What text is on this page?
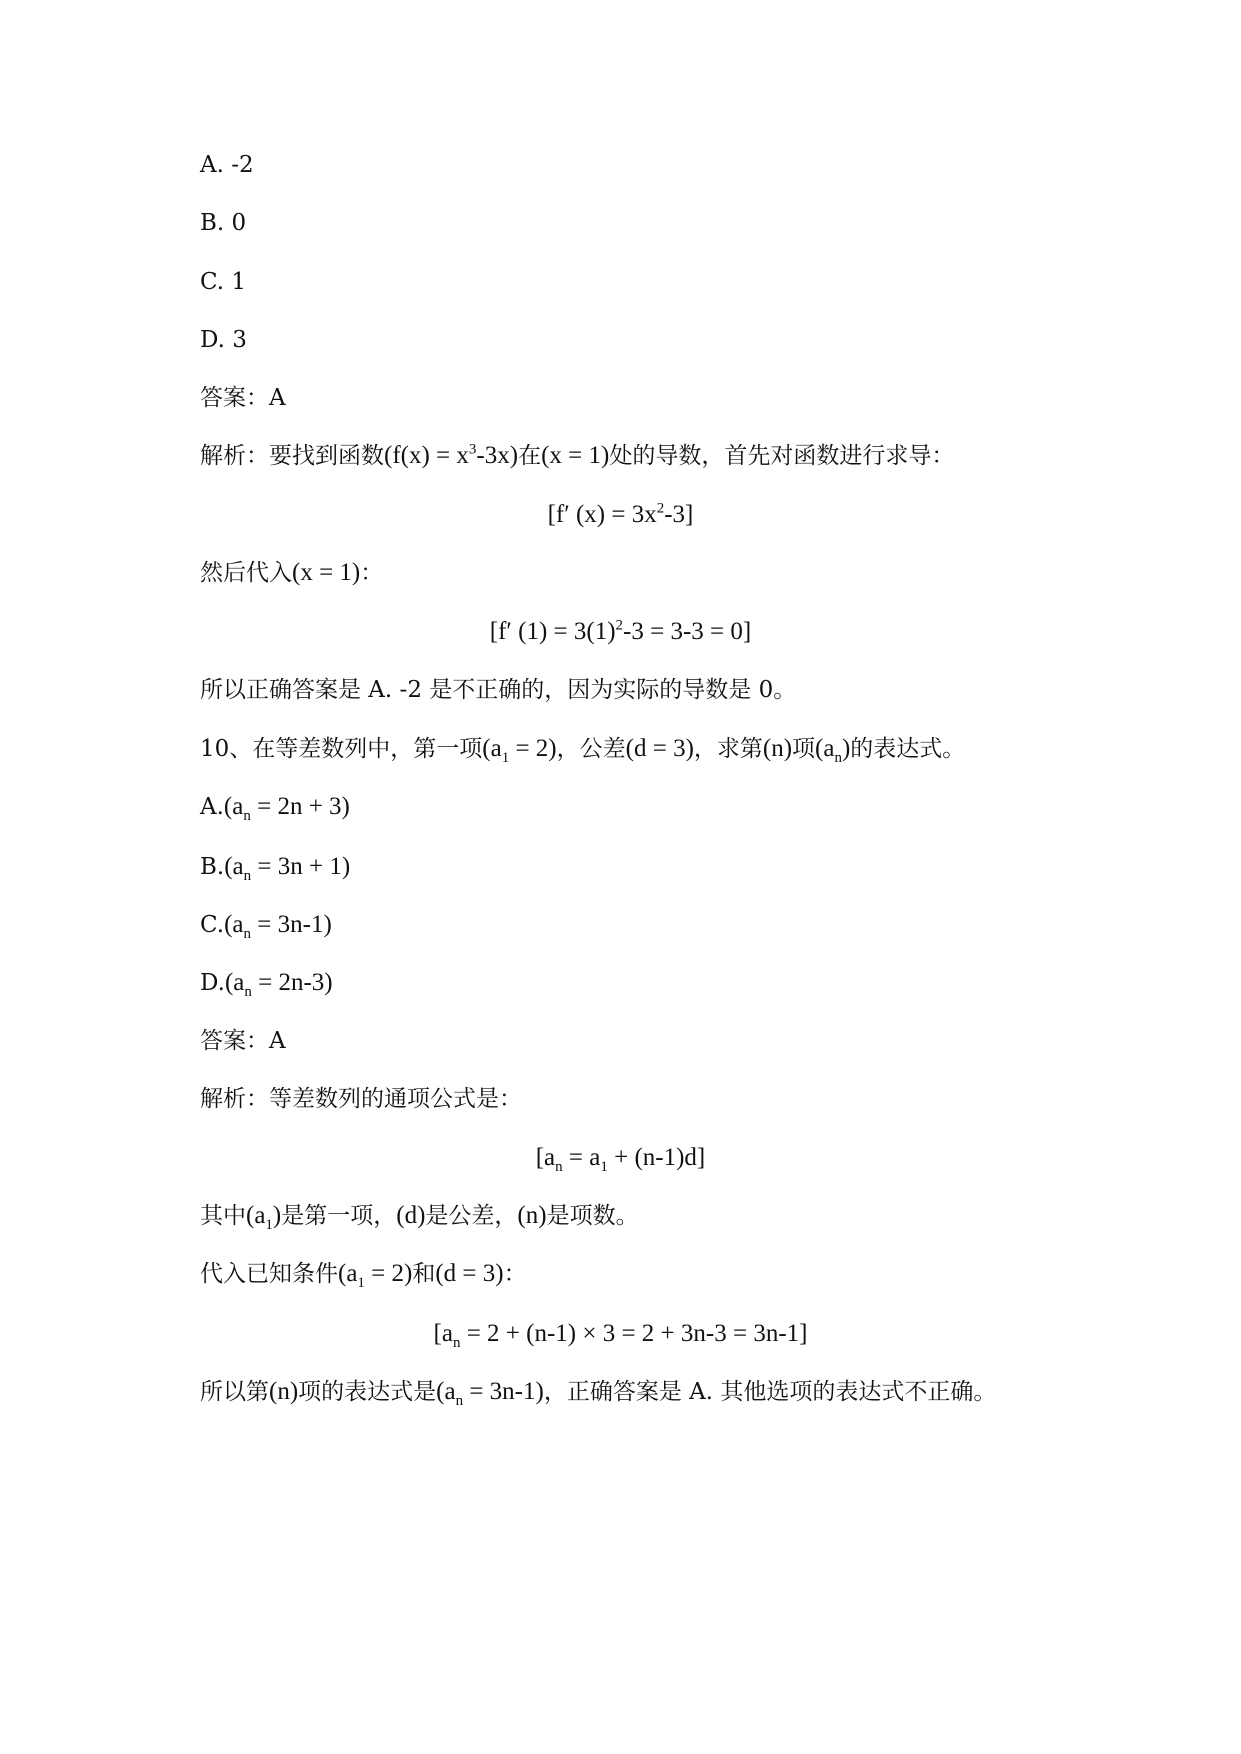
A. -2
B. 0
C. 1
D. 3
答案：A
解析：要找到函数$(f(x) = x^3-3x)$在(x = 1)处的导数，首先对函数进行求导：
[f′ $(x) = 3x^2-3$]
然后代入(x = 1)：
[f′ $(1) = 3(1)^2-3 = 3-3 = 0$]
所以正确答案是 A. -2 是不正确的，因为实际的导数是 0。
10、在等差数列中，第一项$(a_1 = 2)$，公差(d = 3)，求第(n)项$(a_n)$的表达式。
$A.(a_n = 2n + 3)$
$B.(a_n = 3n + 1)$
$C.(a_n = 3n-1)$
$D.(a_n = 2n-3)$
答案：A
解析：等差数列的通项公式是：
$[a_n = a_1 + (n-1)d]$
其中$(a_1)$是第一项，(d)是公差，(n)是项数。
代入已知条件$(a_1 = 2)$和(d = 3)：
$[a_n = 2 + (n-1) \times 3 = 2 + 3n-3 = 3n-1]$
所以第(n)项的表达式是$(a_n = 3n-1)$，正确答案是 A. 其他选项的表达式不正确。
